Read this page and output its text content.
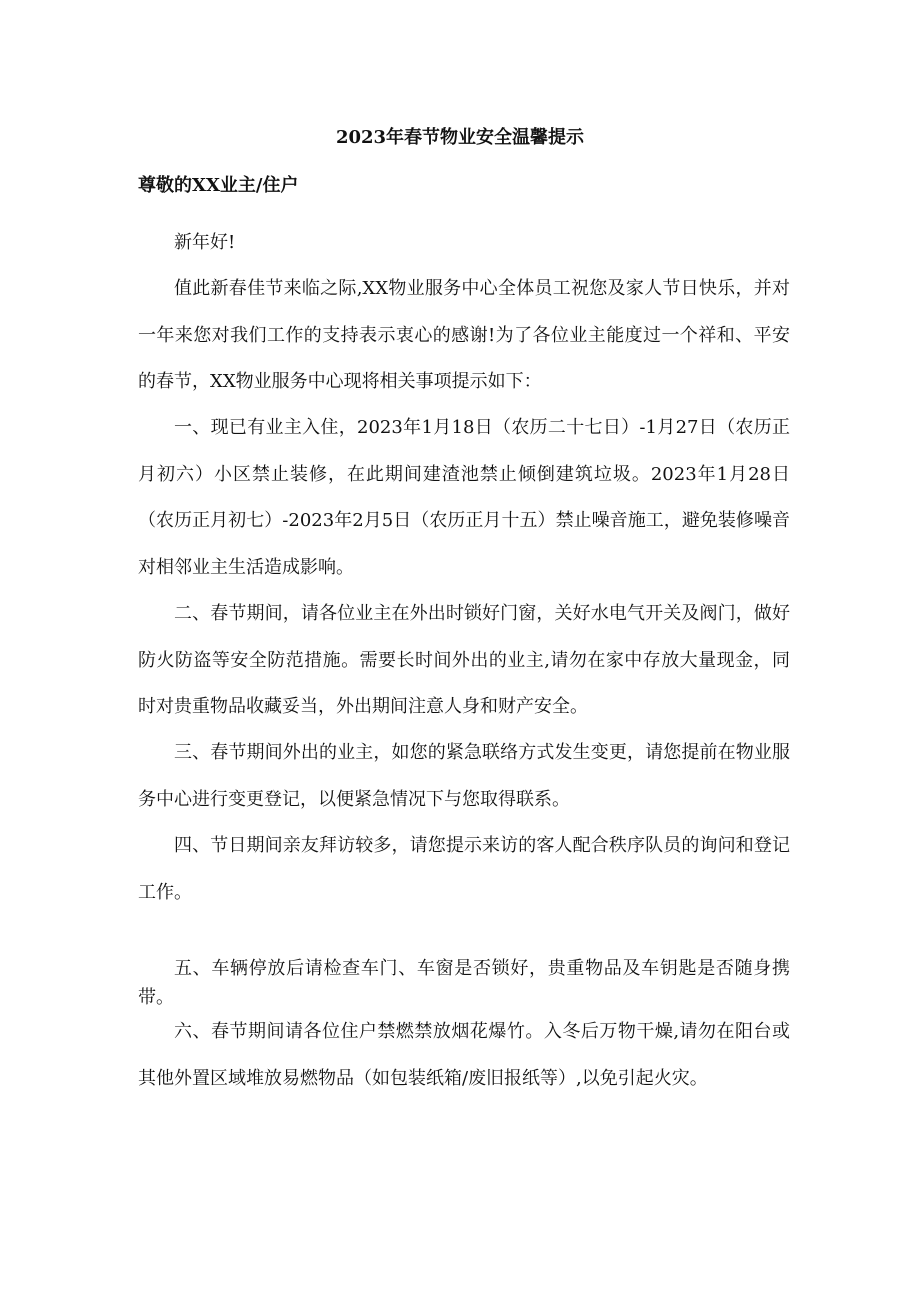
2023年春节物业安全温馨提示

尊敬的XX业主/住户

新年好!

值此新春佳节来临之际,XX物业服务中心全体员工祝您及家人节日快乐，并对一年来您对我们工作的支持表示衷心的感谢!为了各位业主能度过一个祥和、平安的春节，XX物业服务中心现将相关事项提示如下：

一、现已有业主入住，2023年1月18日（农历二十七日）-1月27日（农历正月初六）小区禁止装修，在此期间建渣池禁止倾倒建筑垃圾。2023年1月28日（农历正月初七）-2023年2月5日（农历正月十五）禁止噪音施工，避免装修噪音对相邻业主生活造成影响。

二、春节期间，请各位业主在外出时锁好门窗，关好水电气开关及阀门，做好防火防盗等安全防范措施。需要长时间外出的业主,请勿在家中存放大量现金，同时对贵重物品收藏妥当，外出期间注意人身和财产安全。

三、春节期间外出的业主，如您的紧急联络方式发生变更，请您提前在物业服务中心进行变更登记，以便紧急情况下与您取得联系。

四、节日期间亲友拜访较多，请您提示来访的客人配合秩序队员的询问和登记工作。

五、车辆停放后请检查车门、车窗是否锁好，贵重物品及车钥匙是否随身携带。

六、春节期间请各位住户禁燃禁放烟花爆竹。入冬后万物干燥,请勿在阳台或其他外置区域堆放易燃物品（如包装纸箱/废旧报纸等）,以免引起火灾。
